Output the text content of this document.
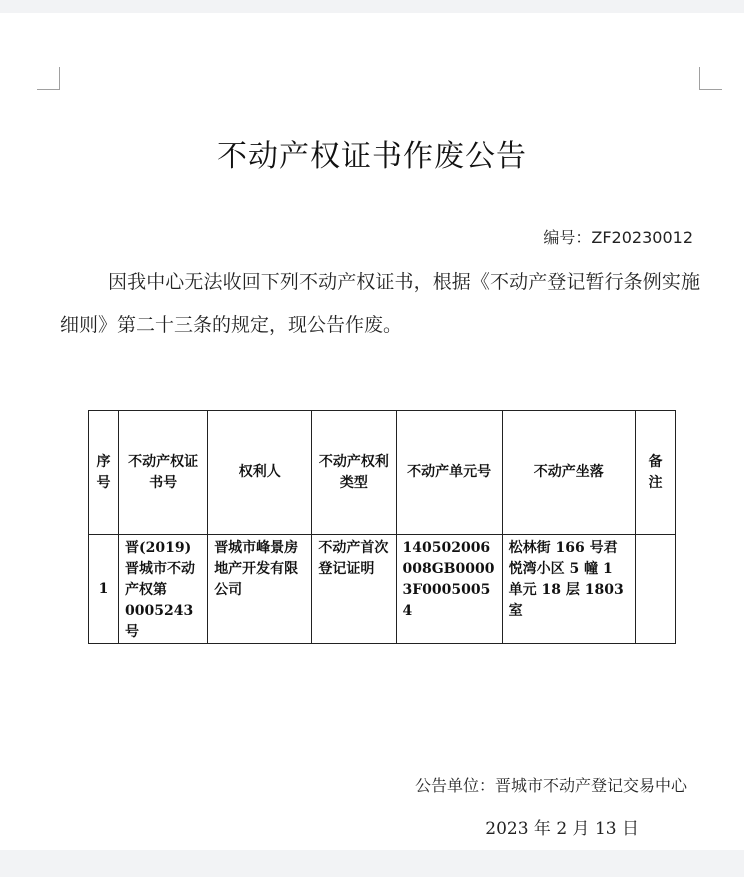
不动产权证书作废公告
编号：ZF20230012
因我中心无法收回下列不动产权证书，根据《不动产登记暂行条例实施细则》第二十三条的规定，现公告作废。
序号	不动产权证书号	权利人	不动产权利类型	不动产单元号	不动产坐落	备注
1	晋(2019)晋城市不动产权第0005243号	晋城市峰景房地产开发有限公司	不动产首次登记证明	140502006008GB00003F00050054	松林街 166 号君悦湾小区 5 幢 1 单元 18 层 1803 室	
公告单位：晋城市不动产登记交易中心
2023 年 2 月 13 日
